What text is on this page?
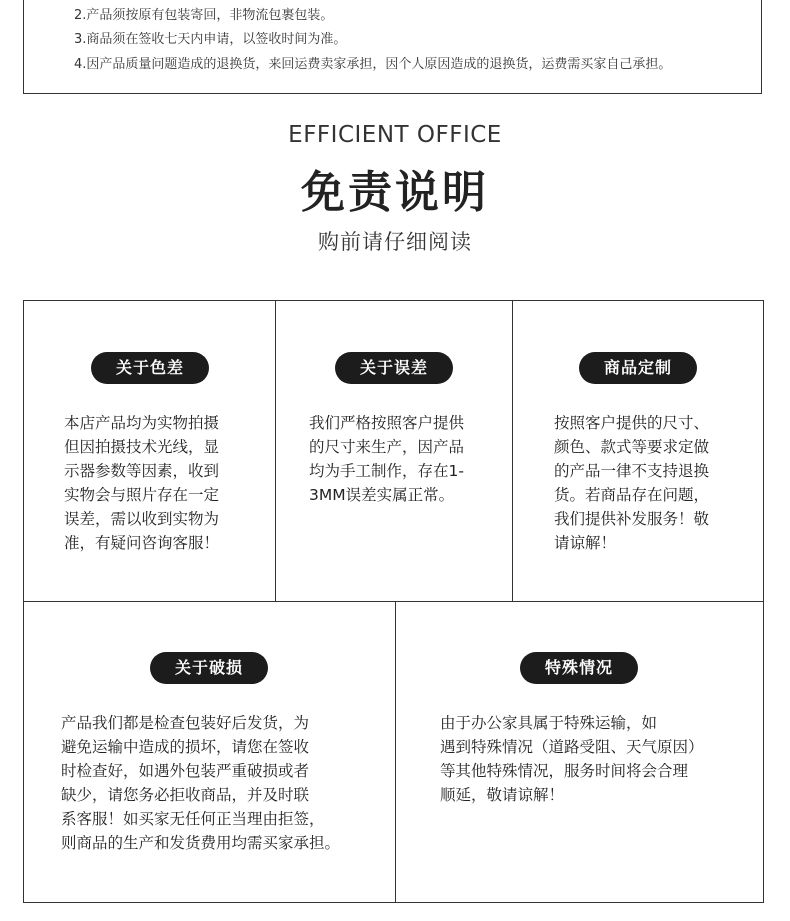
2.产品须按原有包装寄回，非物流包裹包装。
3.商品须在签收七天内申请，以签收时间为准。
4.因产品质量问题造成的退换货，来回运费卖家承担，因个人原因造成的退换货，运费需买家自己承担。
EFFICIENT OFFICE
免责说明
购前请仔细阅读
关于色差
本店产品均为实物拍摄
但因拍摄技术光线，显
示器参数等因素，收到
实物会与照片存在一定
误差，需以收到实物为
准，有疑问咨询客服！
关于误差
我们严格按照客户提供
的尺寸来生产，因产品
均为手工制作，存在1-
3MM误差实属正常。
商品定制
按照客户提供的尺寸、
颜色、款式等要求定做
的产品一律不支持退换
货。若商品存在问题，
我们提供补发服务！敬
请谅解！
关于破损
产品我们都是检查包装好后发货，为
避免运输中造成的损坏，请您在签收
时检查好，如遇外包装严重破损或者
缺少，请您务必拒收商品，并及时联
系客服！如买家无任何正当理由拒签，
则商品的生产和发货费用均需买家承担。
特殊情况
由于办公家具属于特殊运输，如
遇到特殊情况（道路受阻、天气原因）
等其他特殊情况，服务时间将会合理
顺延，敬请谅解！
